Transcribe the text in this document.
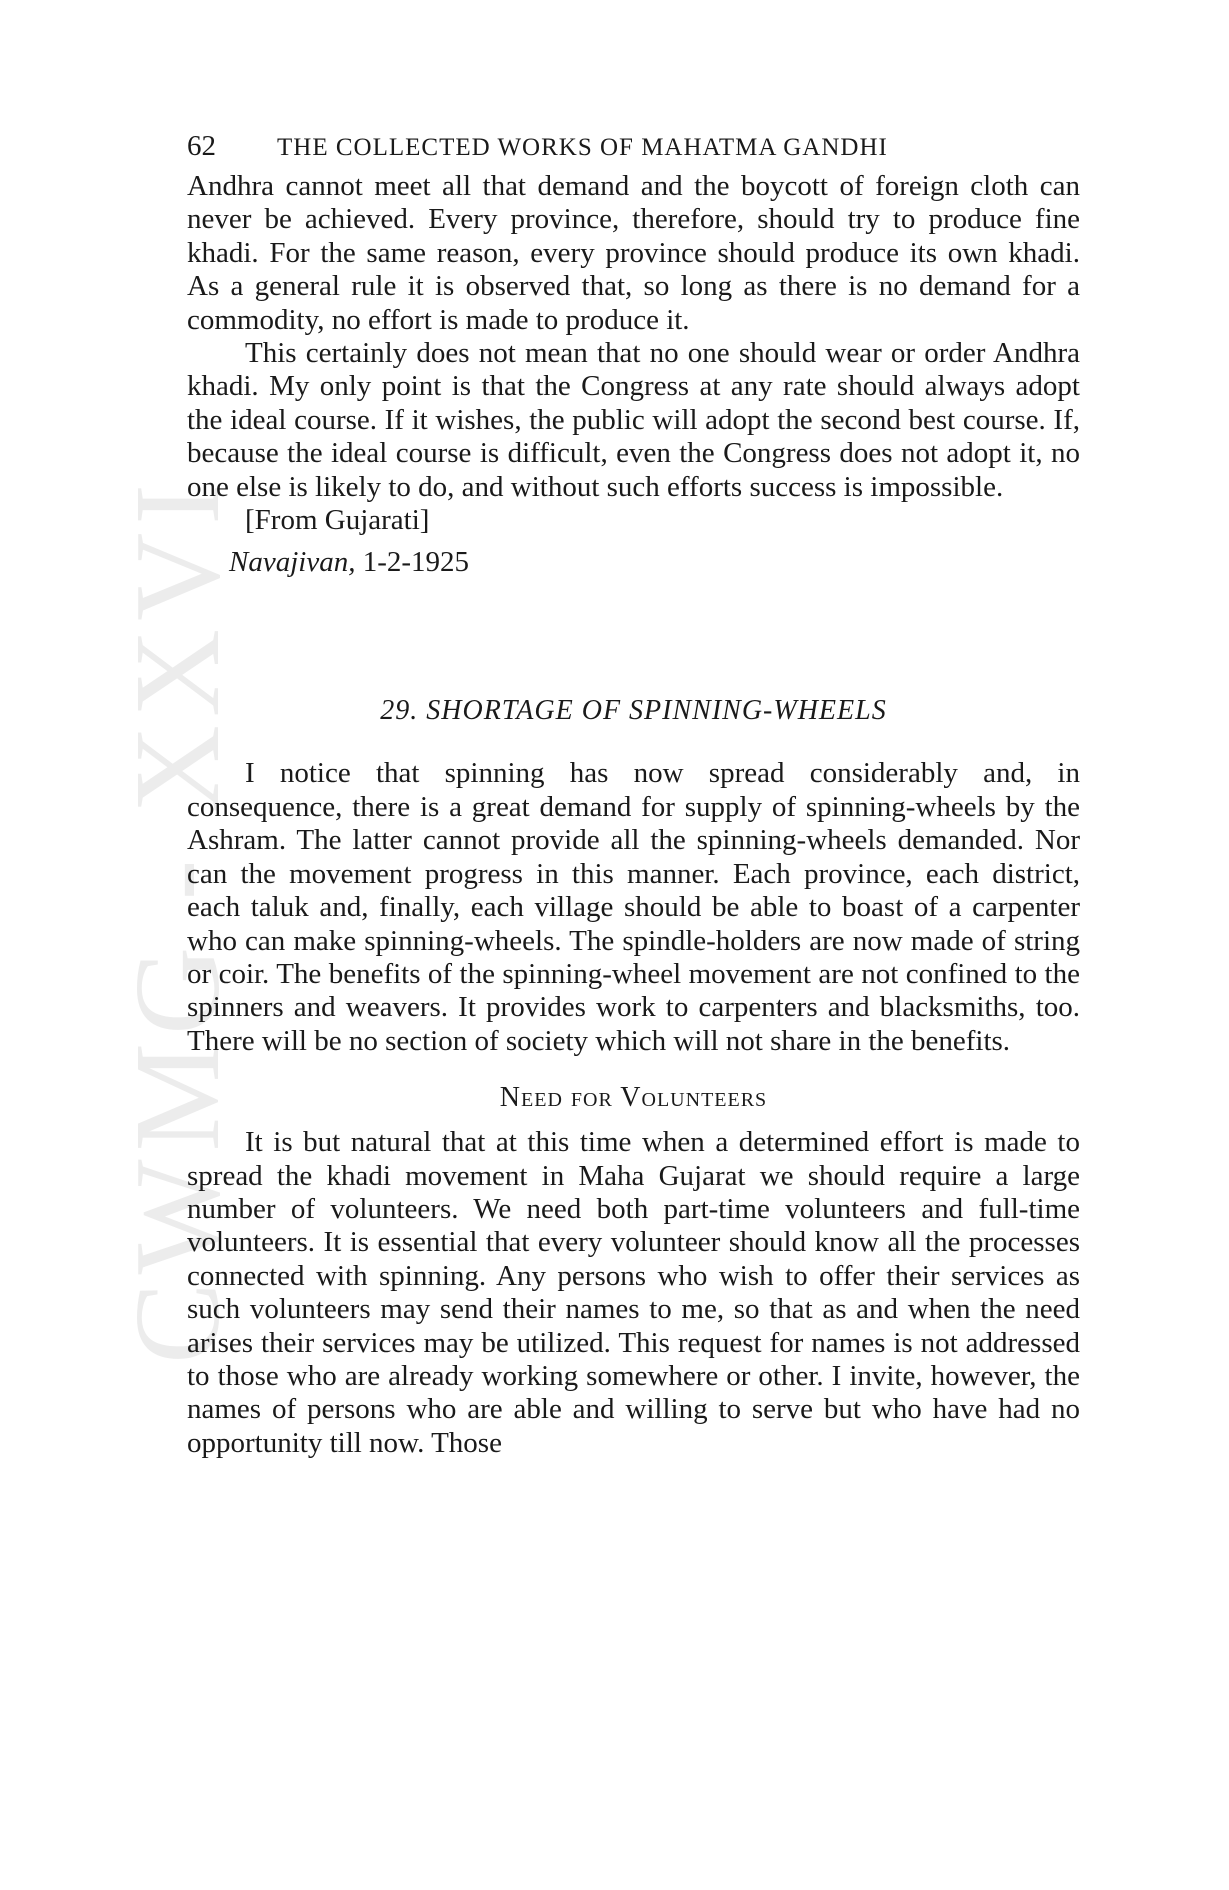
CWMG - XXVI
62	THE COLLECTED WORKS OF MAHATMA GANDHI

Andhra cannot meet all that demand and the boycott of foreign cloth can never be achieved. Every province, therefore, should try to produce fine khadi. For the same reason, every province should produce its own khadi. As a general rule it is observed that, so long as there is no demand for a commodity, no effort is made to produce it.

This certainly does not mean that no one should wear or order Andhra khadi. My only point is that the Congress at any rate should always adopt the ideal course. If it wishes, the public will adopt the second best course. If, because the ideal course is difficult, even the Congress does not adopt it, no one else is likely to do, and without such efforts success is impossible.

[From Gujarati]
Navajivan, 1-2-1925
29. SHORTAGE OF SPINNING-WHEELS

I notice that spinning has now spread considerably and, in consequence, there is a great demand for supply of spinning-wheels by the Ashram. The latter cannot provide all the spinning-wheels demanded. Nor can the movement progress in this manner. Each province, each district, each taluk and, finally, each village should be able to boast of a carpenter who can make spinning-wheels. The spindle-holders are now made of string or coir. The benefits of the spinning-wheel movement are not confined to the spinners and weavers. It provides work to carpenters and blacksmiths, too. There will be no section of society which will not share in the benefits.

Need for Volunteers

It is but natural that at this time when a determined effort is made to spread the khadi movement in Maha Gujarat we should require a large number of volunteers. We need both part-time volunteers and full-time volunteers. It is essential that every volunteer should know all the processes connected with spinning. Any persons who wish to offer their services as such volunteers may send their names to me, so that as and when the need arises their services may be utilized. This request for names is not addressed to those who are already working somewhere or other. I invite, however, the names of persons who are able and willing to serve but who have had no opportunity till now. Those
